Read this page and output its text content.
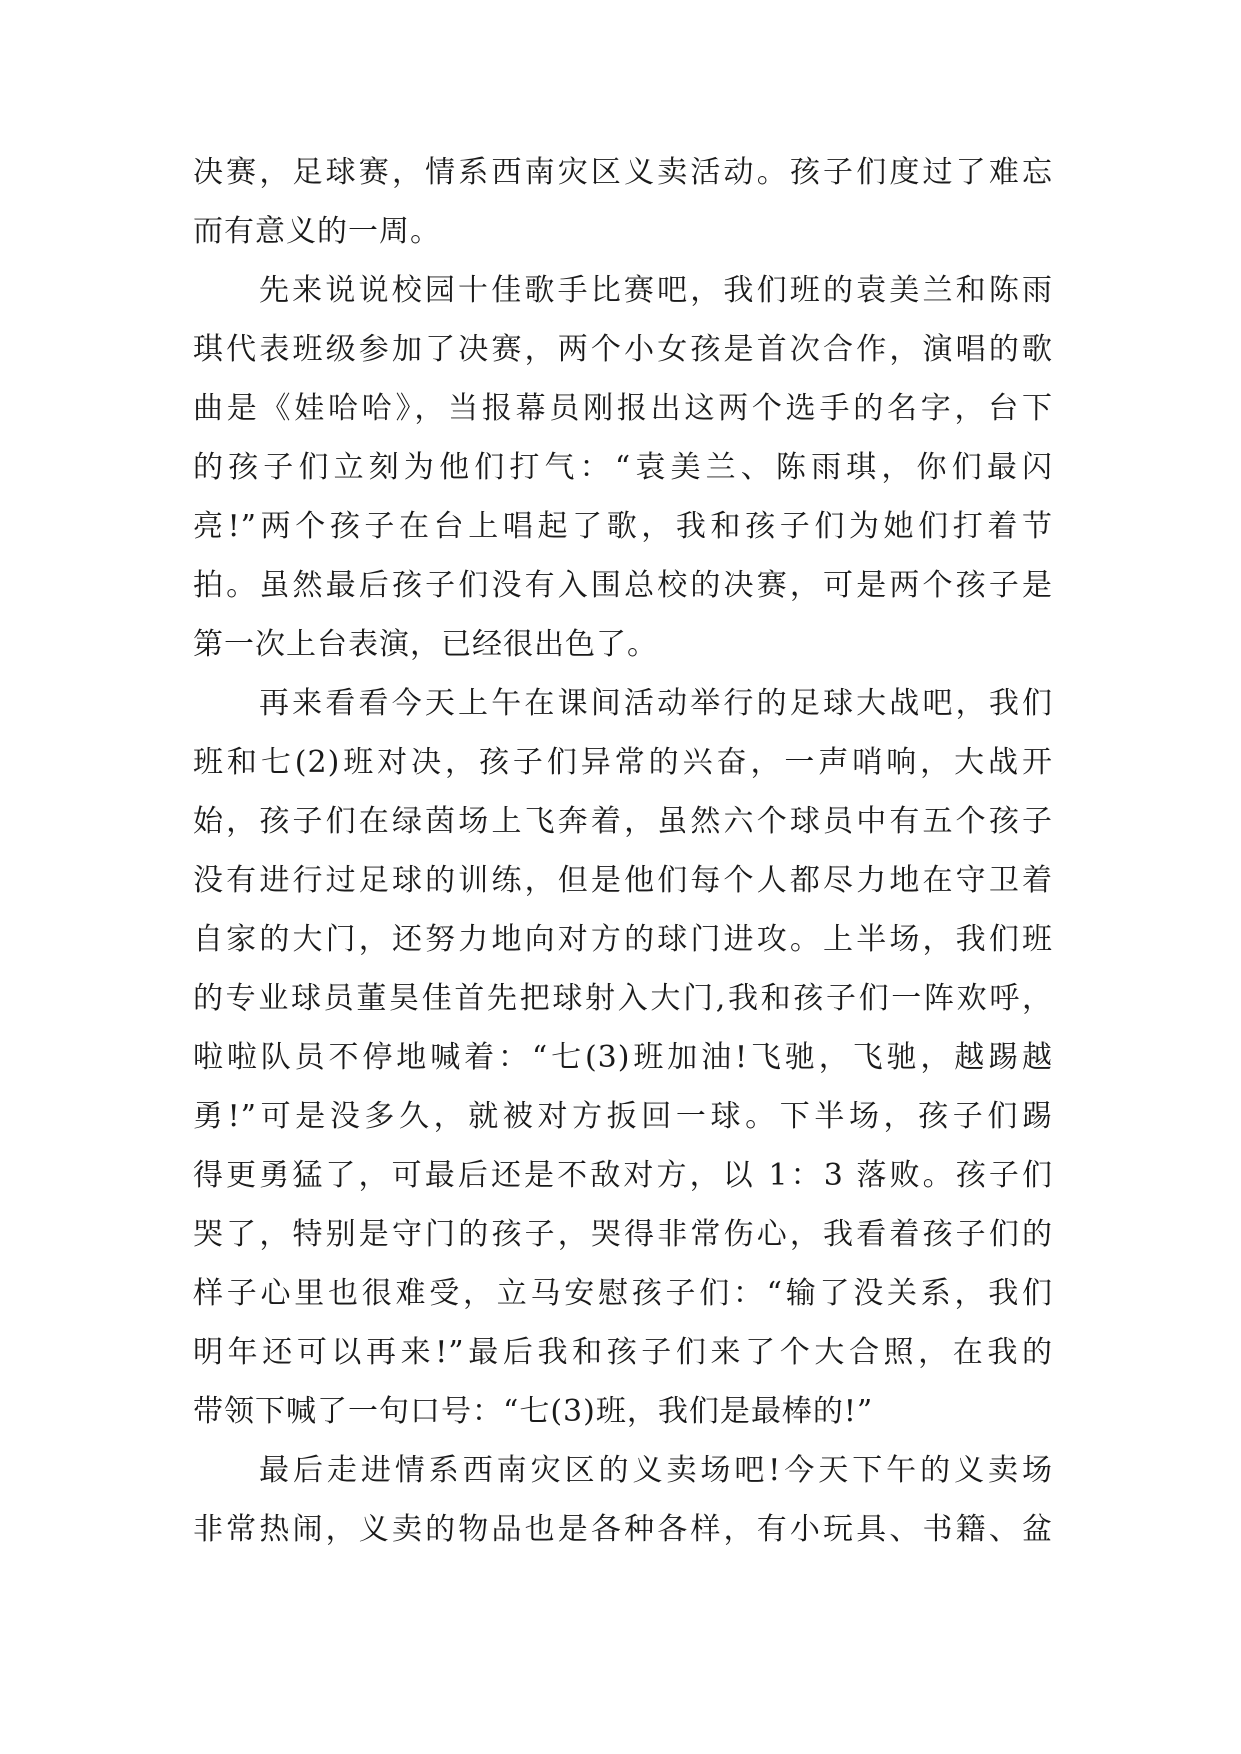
决赛，足球赛，情系西南灾区义卖活动。孩子们度过了难忘
而有意义的一周。
先来说说校园十佳歌手比赛吧，我们班的袁美兰和陈雨
琪代表班级参加了决赛，两个小女孩是首次合作，演唱的歌
曲是《娃哈哈》，当报幕员刚报出这两个选手的名字，台下
的孩子们立刻为他们打气：“袁美兰、陈雨琪，你们最闪
亮!”两个孩子在台上唱起了歌，我和孩子们为她们打着节
拍。虽然最后孩子们没有入围总校的决赛，可是两个孩子是
第一次上台表演，已经很出色了。
再来看看今天上午在课间活动举行的足球大战吧，我们
班和七(2)班对决，孩子们异常的兴奋，一声哨响，大战开
始，孩子们在绿茵场上飞奔着，虽然六个球员中有五个孩子
没有进行过足球的训练，但是他们每个人都尽力地在守卫着
自家的大门，还努力地向对方的球门进攻。上半场，我们班
的专业球员董昊佳首先把球射入大门,我和孩子们一阵欢呼，
啦啦队员不停地喊着：“七(3)班加油!飞驰，飞驰，越踢越
勇!”可是没多久，就被对方扳回一球。下半场，孩子们踢
得更勇猛了，可最后还是不敌对方，以 1：3 落败。孩子们
哭了，特别是守门的孩子，哭得非常伤心，我看着孩子们的
样子心里也很难受，立马安慰孩子们：“输了没关系，我们
明年还可以再来!”最后我和孩子们来了个大合照，在我的
带领下喊了一句口号：“七(3)班，我们是最棒的!”
最后走进情系西南灾区的义卖场吧!今天下午的义卖场
非常热闹，义卖的物品也是各种各样，有小玩具、书籍、盆
